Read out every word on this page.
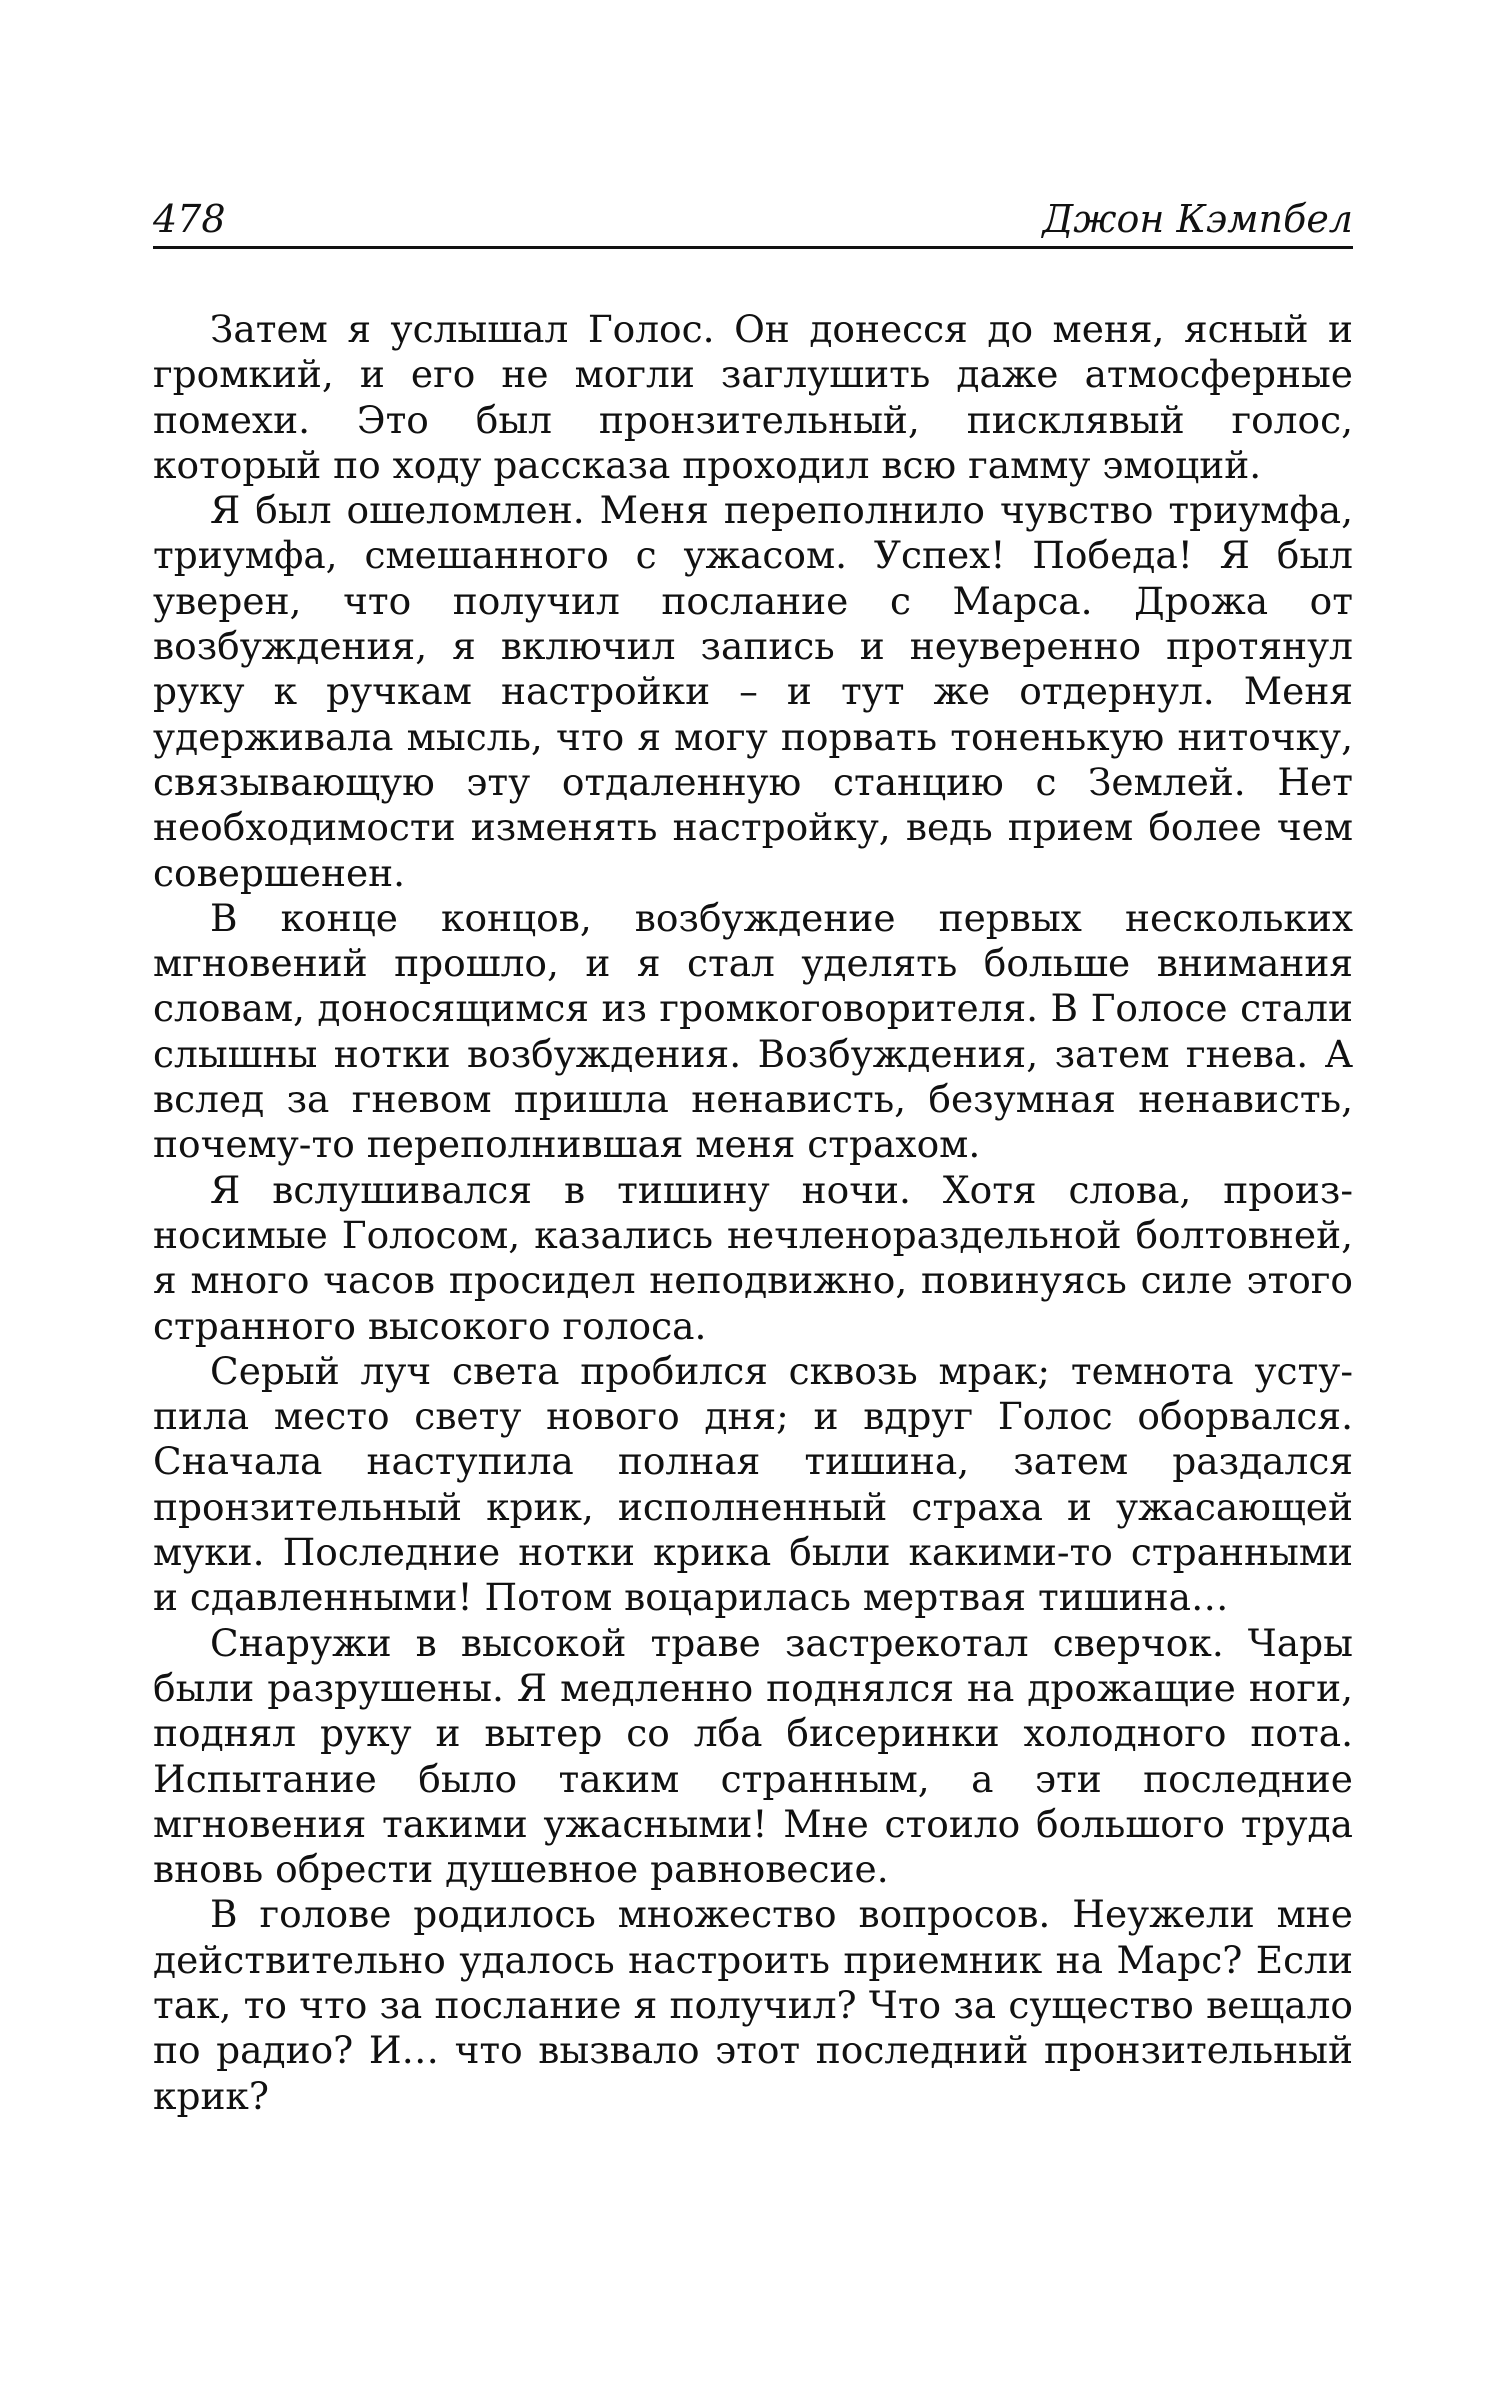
478	Джон Кэмпбел

Затем я услышал Голос. Он донесся до меня, ясный и громкий, и его не могли заглушить даже атмосферные помехи. Это был пронзительный, писклявый голос, который по ходу рассказа проходил всю гамму эмоций.

Я был ошеломлен. Меня переполнило чувство триумфа, триумфа, смешанного с ужасом. Успех! Победа! Я был уверен, что получил послание с Марса. Дрожа от возбуждения, я включил запись и неуверенно протянул руку к ручкам настройки – и тут же отдернул. Меня удерживала мысль, что я могу порвать тоненькую ниточку, связывающую эту отдаленную станцию с Землей. Нет необходимости изменять настройку, ведь прием более чем совершенен.

В конце концов, возбуждение первых нескольких мгновений прошло, и я стал уделять больше внимания словам, доносящимся из громкоговорителя. В Голосе стали слышны нотки возбуждения. Возбуждения, затем гнева. А вслед за гневом пришла ненависть, безумная ненависть, почему-то переполнившая меня страхом.

Я вслушивался в тишину ночи. Хотя слова, произносимые Голосом, казались нечленораздельной болтовней, я много часов просидел неподвижно, повинуясь силе этого странного высокого голоса.

Серый луч света пробился сквозь мрак; темнота уступила место свету нового дня; и вдруг Голос оборвался. Сначала наступила полная тишина, затем раздался пронзительный крик, исполненный страха и ужасающей муки. Последние нотки крика были какими-то странными и сдавленными! Потом воцарилась мертвая тишина…

Снаружи в высокой траве застрекотал сверчок. Чары были разрушены. Я медленно поднялся на дрожащие ноги, поднял руку и вытер со лба бисеринки холодного пота. Испытание было таким странным, а эти последние мгновения такими ужасными! Мне стоило большого труда вновь обрести душевное равновесие.

В голове родилось множество вопросов. Неужели мне действительно удалось настроить приемник на Марс? Если так, то что за послание я получил? Что за существо вещало по радио? И… что вызвало этот последний пронзительный крик?
